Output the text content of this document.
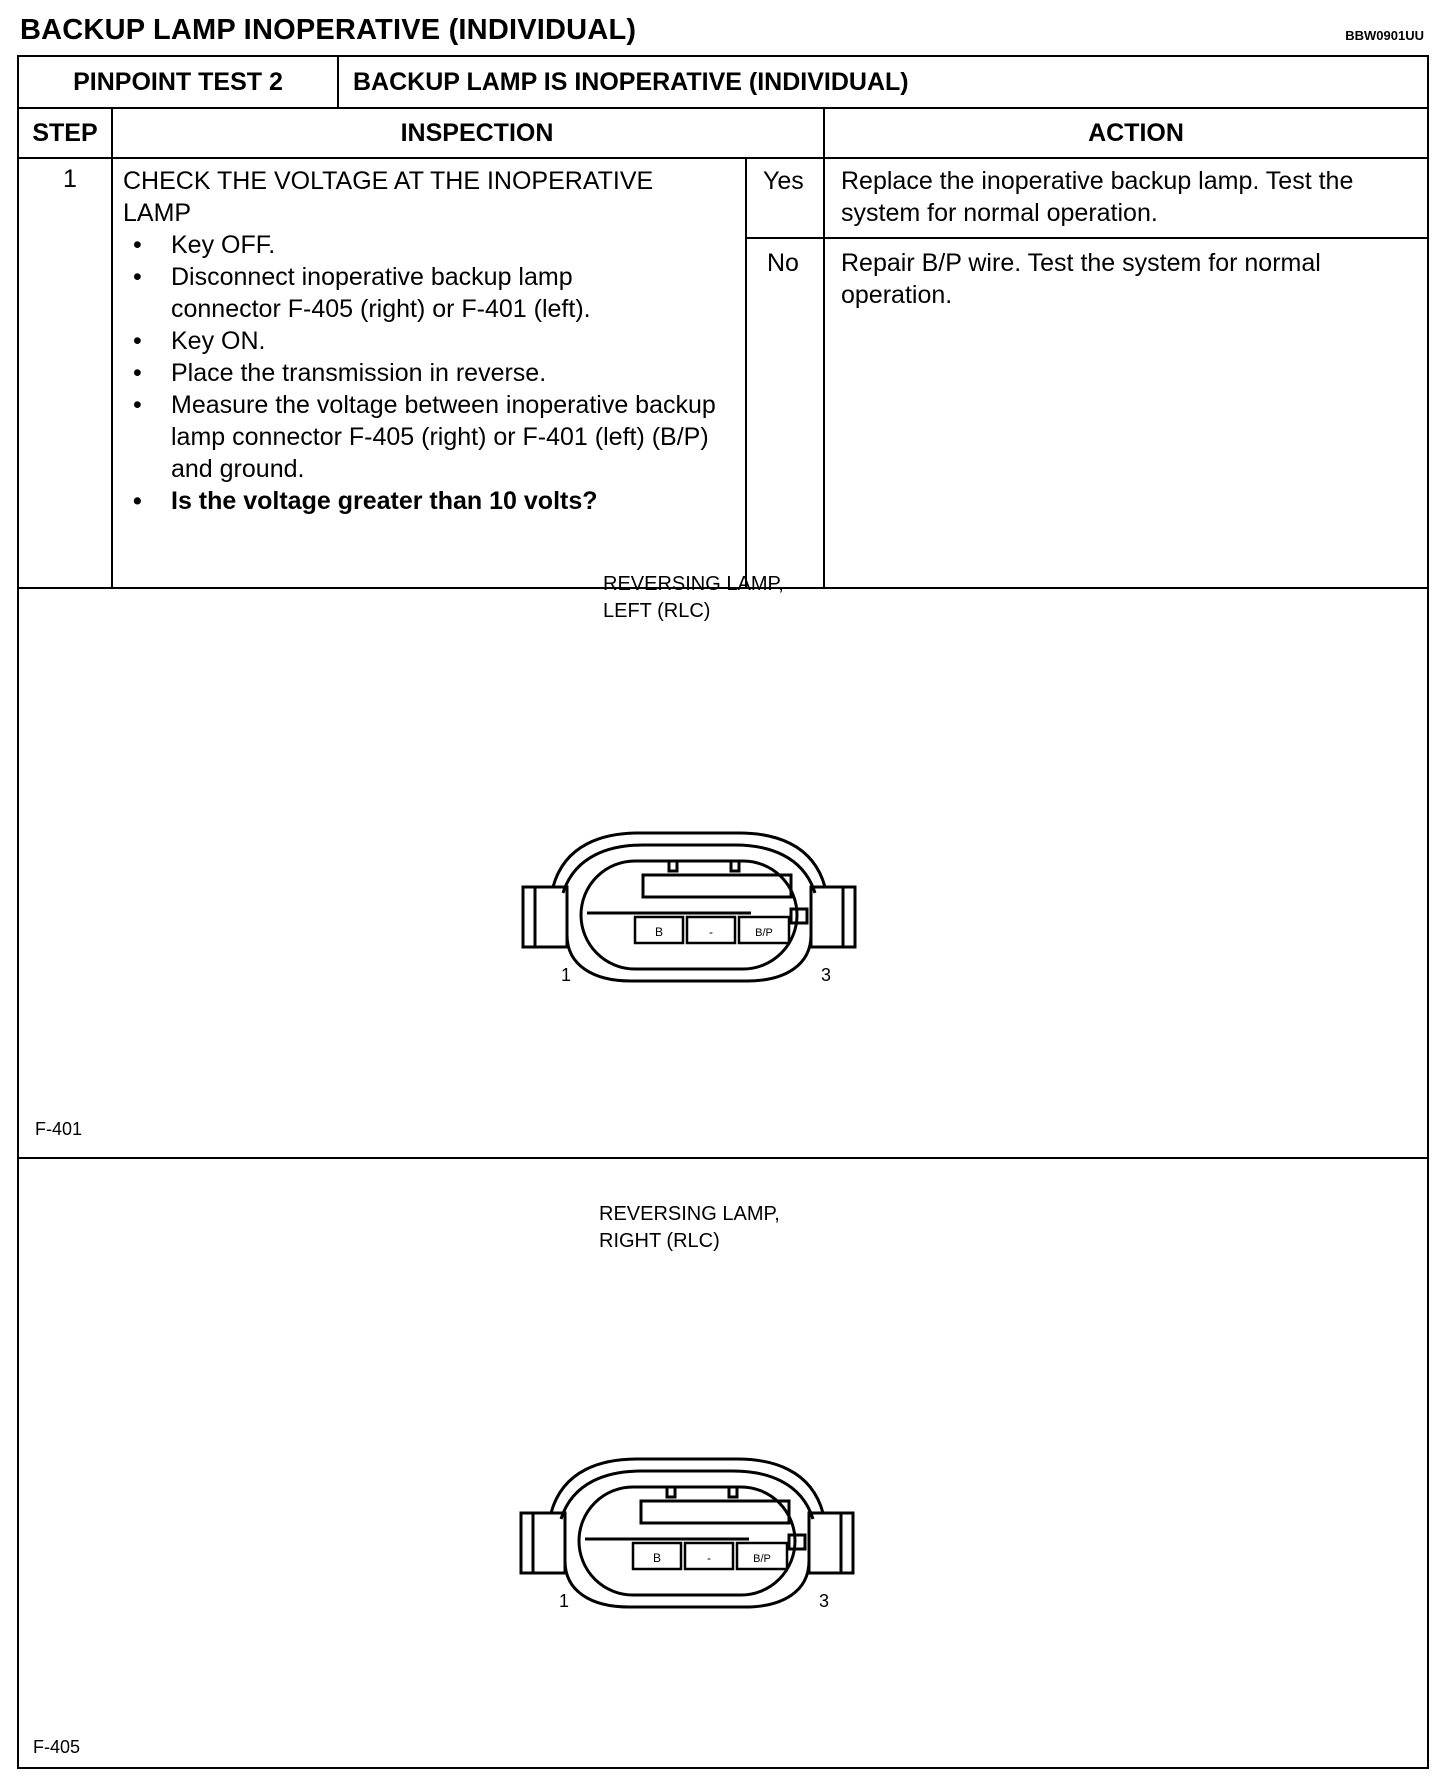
BACKUP LAMP INOPERATIVE (INDIVIDUAL)	BBW0901UU
PINPOINT TEST 2	BACKUP LAMP IS INOPERATIVE (INDIVIDUAL)
STEP	INSPECTION	ACTION
1 CHECK THE VOLTAGE AT THE INOPERATIVE
LAMP
• Key OFF.
• Disconnect inoperative backup lamp connector F-405 (right) or F-401 (left).
• Key ON.
• Place the transmission in reverse.
• Measure the voltage between inoperative backup lamp connector F-405 (right) or F-401 (left) (B/P) and ground.
• Is the voltage greater than 10 volts?
Yes Replace the inoperative backup lamp. Test the system for normal operation.
No Repair B/P wire. Test the system for normal operation.
REVERSING LAMP,
LEFT (RLC)
B	-	B/P
1	3
F-401
REVERSING LAMP,
RIGHT (RLC)
B	-	B/P
1	3
F-405
